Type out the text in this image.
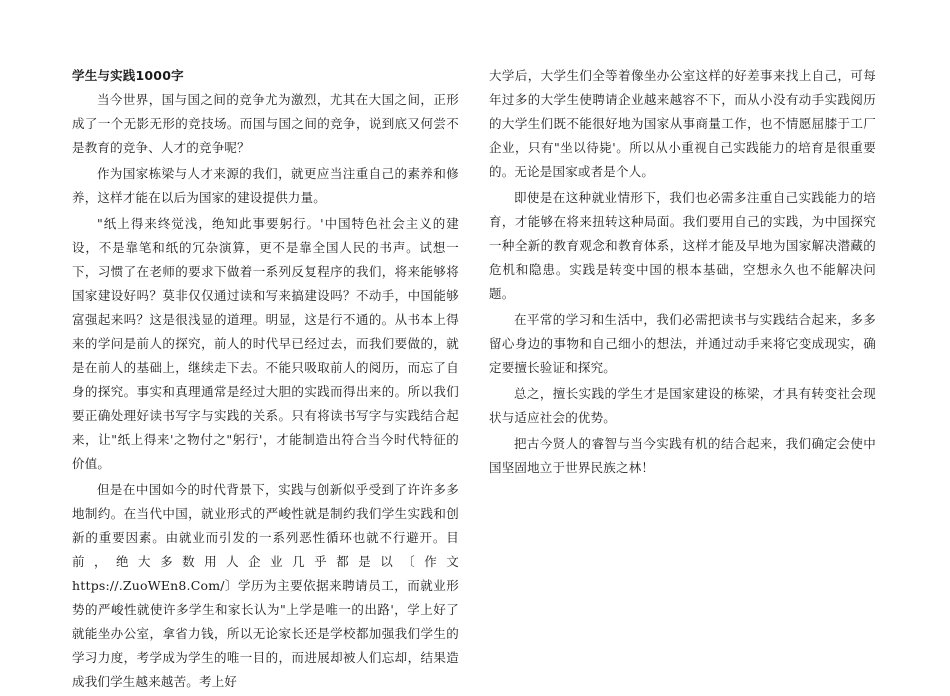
学生与实践1000字

当今世界，国与国之间的竞争尤为激烈，尤其在大国之间，正形成了一个无影无形的竞技场。而国与国之间的竞争，说到底又何尝不是教育的竞争、人才的竞争呢？

作为国家栋梁与人才来源的我们，就更应当注重自己的素养和修养，这样才能在以后为国家的建设提供力量。

"纸上得来终觉浅，绝知此事要躬行。'中国特色社会主义的建设，不是靠笔和纸的冗杂演算，更不是靠全国人民的书声。试想一下，习惯了在老师的要求下做着一系列反复程序的我们，将来能够将国家建设好吗？莫非仅仅通过读和写来搞建设吗？不动手，中国能够富强起来吗？这是很浅显的道理。明显，这是行不通的。从书本上得来的学问是前人的探究，前人的时代早已经过去，而我们要做的，就是在前人的基础上，继续走下去。不能只吸取前人的阅历，而忘了自身的探究。事实和真理通常是经过大胆的实践而得出来的。所以我们要正确处理好读书写字与实践的关系。只有将读书写字与实践结合起来，让"纸上得来'之物付之"躬行'，才能制造出符合当今时代特征的价值。

但是在中国如今的时代背景下，实践与创新似乎受到了许许多多地制约。在当代中国，就业形式的严峻性就是制约我们学生实践和创新的重要因素。由就业而引发的一系列恶性循环也就不行避开。目前，绝大多数用人企业几乎都是以〔作文https://.ZuoWEn8.Com/〕学历为主要依据来聘请员工，而就业形势的严峻性就使许多学生和家长认为"上学是唯一的出路'，学上好了就能坐办公室，拿省力钱，所以无论家长还是学校都加强我们学生的学习力度，考学成为学生的唯一目的，而进展却被人们忘却，结果造成我们学生越来越苦。考上好

大学后，大学生们全等着像坐办公室这样的好差事来找上自己，可每年过多的大学生使聘请企业越来越容不下，而从小没有动手实践阅历的大学生们既不能很好地为国家从事商量工作，也不情愿屈膝于工厂企业，只有"坐以待毙'。所以从小重视自己实践能力的培育是很重要的。无论是国家或者是个人。

即使是在这种就业情形下，我们也必需多注重自己实践能力的培育，才能够在将来扭转这种局面。我们要用自己的实践，为中国探究一种全新的教育观念和教育体系，这样才能及早地为国家解决潜藏的危机和隐患。实践是转变中国的根本基础，空想永久也不能解决问题。

在平常的学习和生活中，我们必需把读书与实践结合起来，多多留心身边的事物和自己细小的想法，并通过动手来将它变成现实，确定要擅长验证和探究。

总之，擅长实践的学生才是国家建设的栋梁，才具有转变社会现状与适应社会的优势。

把古今贤人的睿智与当今实践有机的结合起来，我们确定会使中国坚固地立于世界民族之林！
